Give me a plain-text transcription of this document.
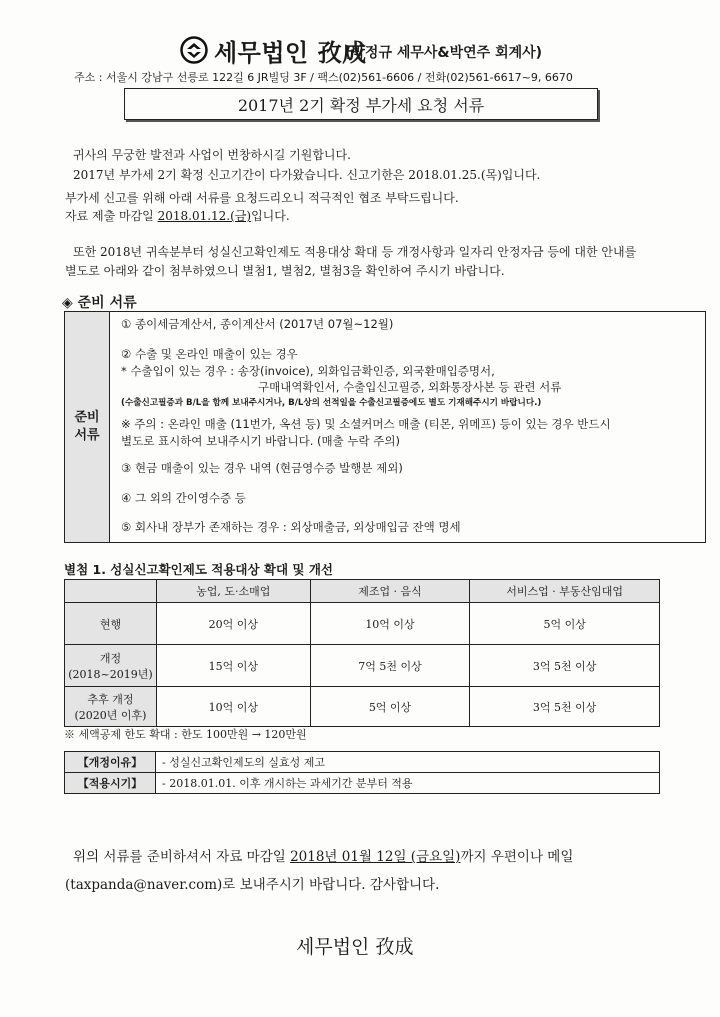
세무법인 孜成
(박정규 세무사&박연주 회계사)
주소 : 서울시 강남구 선릉로 122길 6 JR빌딩 3F / 팩스(02)561-6606 / 전화(02)561-6617~9, 6670
2017년 2기 확정 부가세 요청 서류
귀사의 무궁한 발전과 사업이 번창하시길 기원합니다.
2017년 부가세 2기 확정 신고기간이 다가왔습니다. 신고기한은 2018.01.25.(목)입니다.
부가세 신고를 위해 아래 서류를 요청드리오니 적극적인 협조 부탁드립니다.
자료 제출 마감일 2018.01.12.(금)입니다.
또한 2018년 귀속분부터 성실신고확인제도 적용대상 확대 등 개정사항과 일자리 안정자금 등에 대한 안내를
별도로 아래와 같이 첨부하였으니 별첨1, 별첨2, 별첨3을 확인하여 주시기 바랍니다.
◈ 준비 서류
준비
서류
① 종이세금계산서, 종이계산서 (2017년 07월~12월)
② 수출 및 온라인 매출이 있는 경우
* 수출입이 있는 경우 : 송장(invoice), 외화입금확인증, 외국환매입증명서,
구매내역확인서, 수출입신고필증, 외화통장사본 등 관련 서류
(수출신고필증과 B/L을 함께 보내주시거나, B/L상의 선적일을 수출신고필증에도 별도 기재해주시기 바랍니다.)
※ 주의 : 온라인 매출 (11번가, 옥션 등) 및 소셜커머스 매출 (티몬, 위메프) 등이 있는 경우 반드시
별도로 표시하여 보내주시기 바랍니다. (매출 누락 주의)
③ 현금 매출이 있는 경우 내역 (현금영수증 발행분 제외)
④ 그 외의 간이영수증 등
⑤ 회사내 장부가 존재하는 경우 : 외상매출금, 외상매입금 잔액 명세
별첨 1. 성실신고확인제도 적용대상 확대 및 개선
	농업, 도·소매업	제조업 · 음식	서비스업 · 부동산임대업

현행	20억 이상	10억 이상	5억 이상

개정
(2018~2019년)	15억 이상	7억 5천 이상	3억 5천 이상

추후 개정
(2020년 이후)	10억 이상	5억 이상	3억 5천 이상
※ 세액공제 한도 확대 : 한도 100만원 → 120만원
【개정이유】	- 성실신고확인제도의 실효성 제고
【적용시기】	- 2018.01.01. 이후 개시하는 과세기간 분부터 적용
위의 서류를 준비하셔서 자료 마감일 2018년 01월 12일 (금요일)까지 우편이나 메일
(taxpanda@naver.com)로 보내주시기 바랍니다. 감사합니다.
세무법인 孜成
